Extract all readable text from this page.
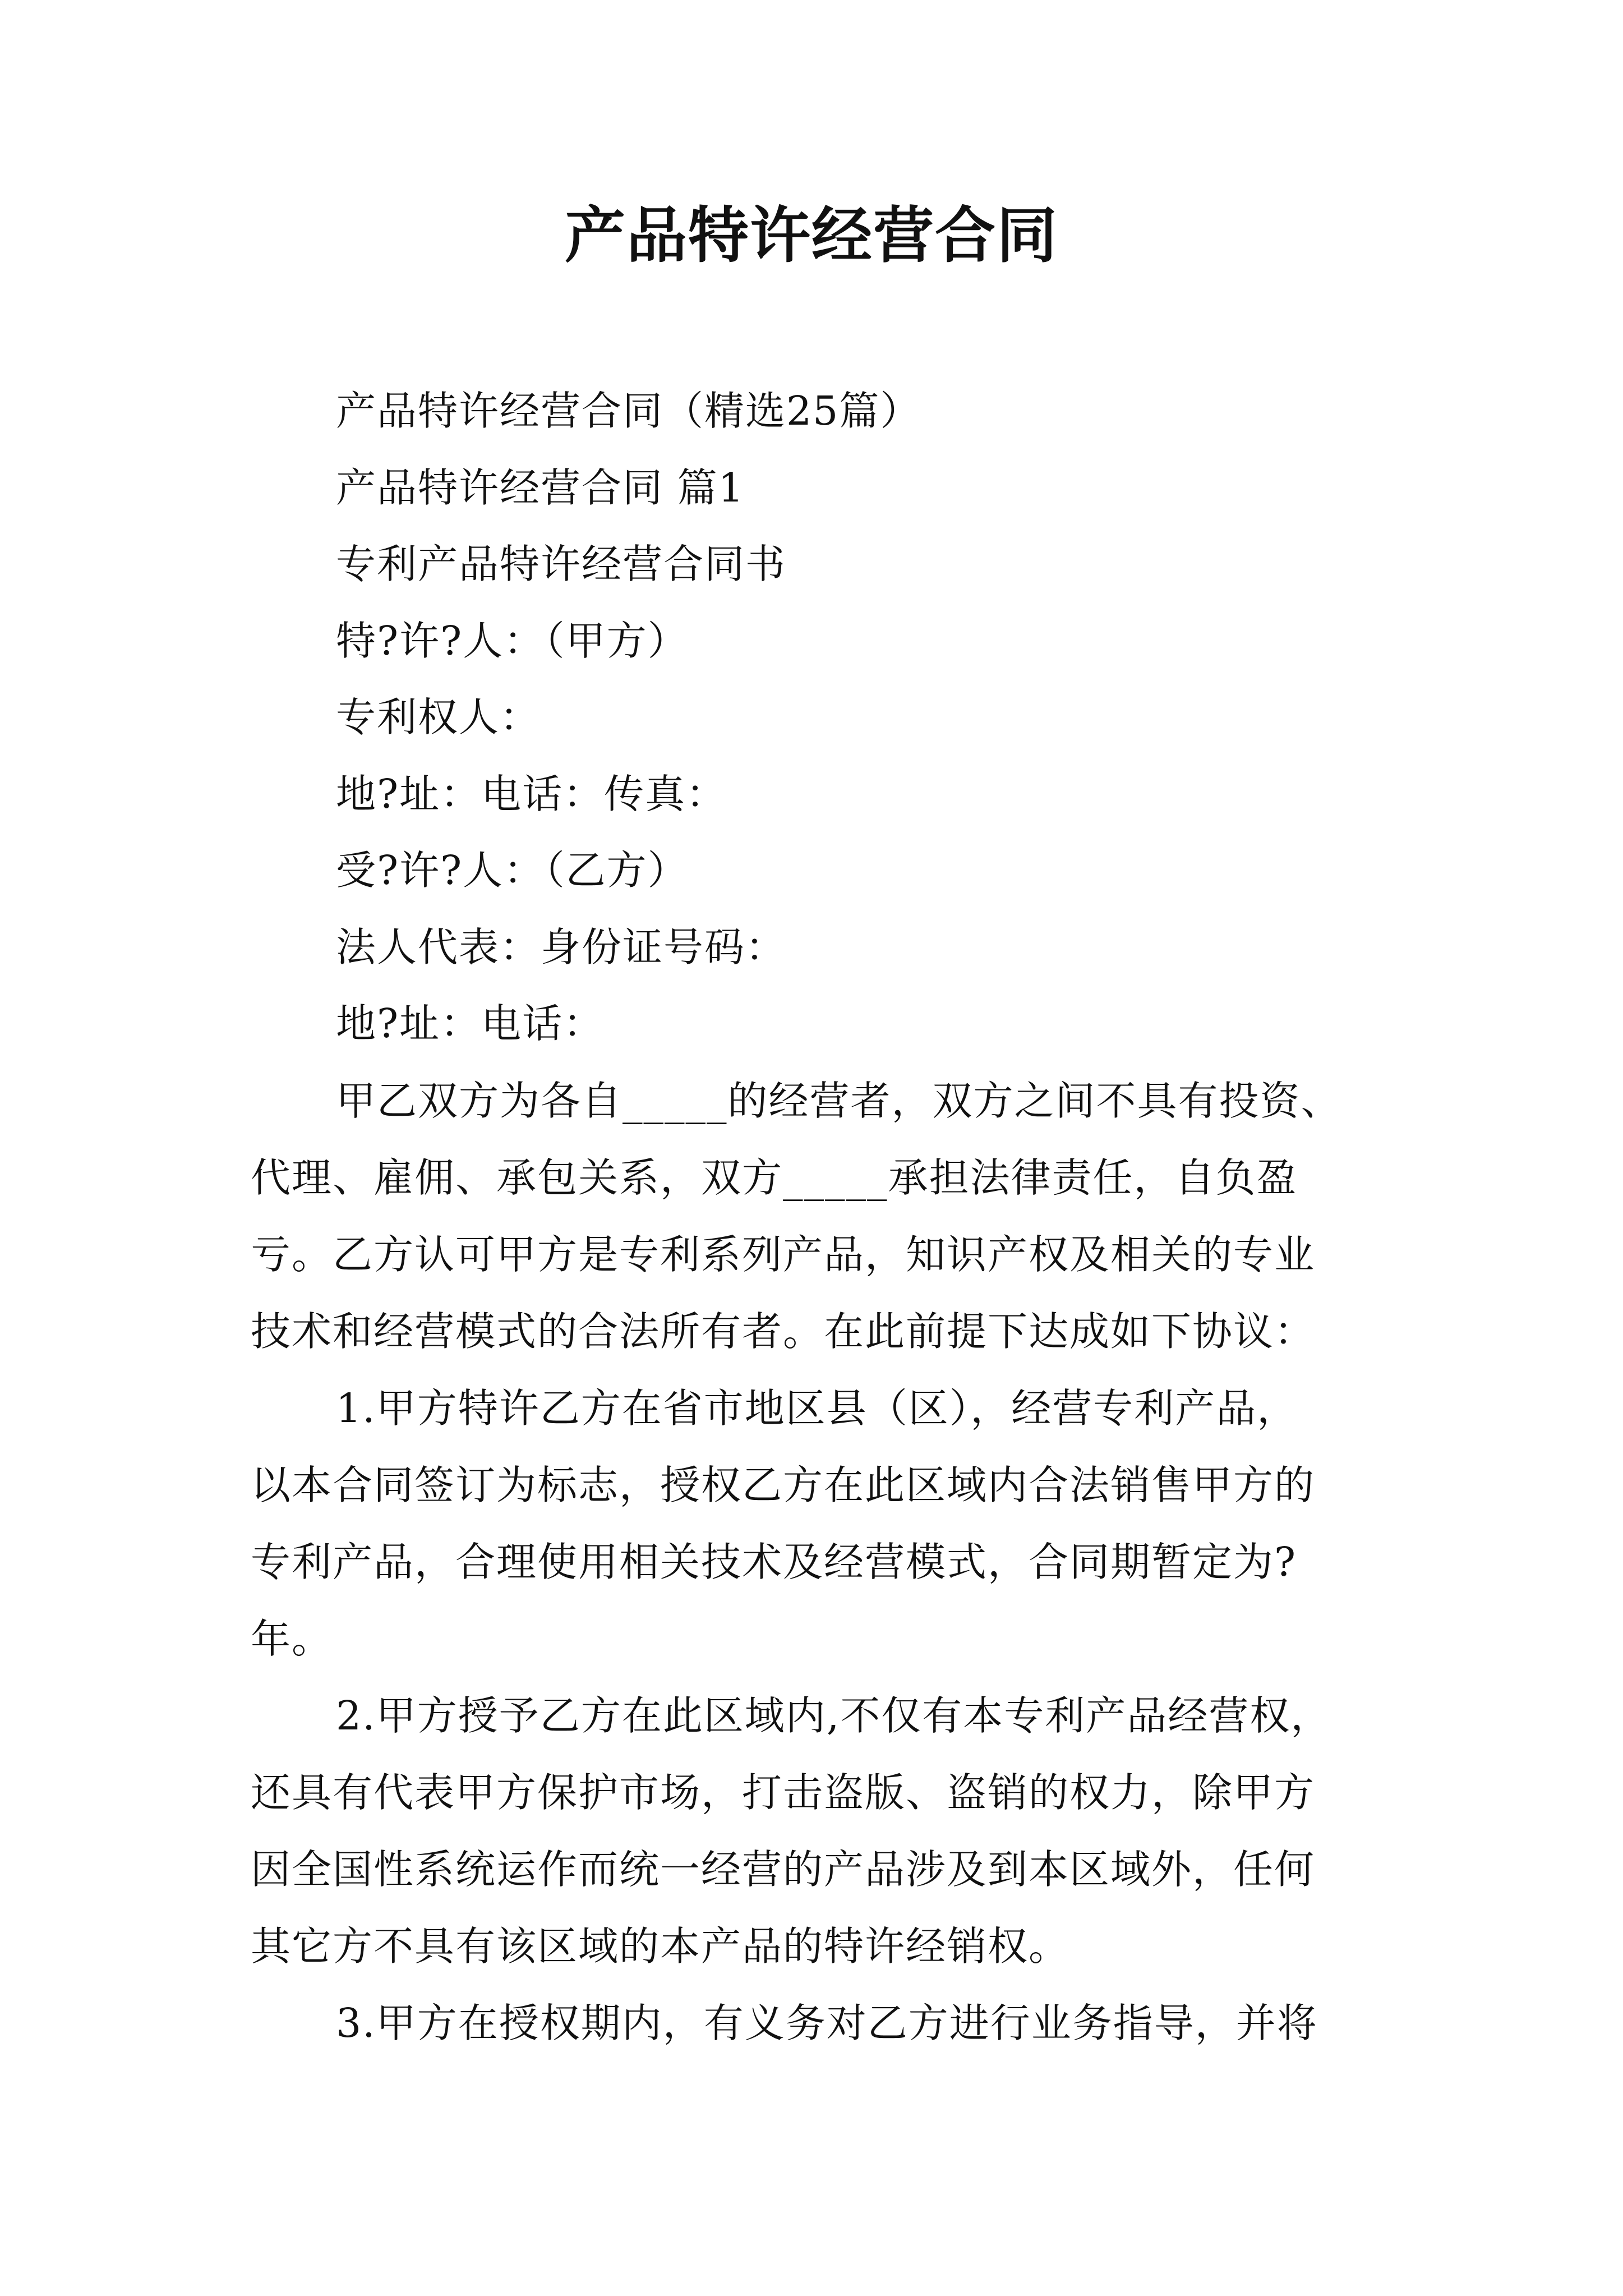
产品特许经营合同
产品特许经营合同（精选25篇）
产品特许经营合同 篇1
专利产品特许经营合同书
特?许?人：（甲方）
专利权人：
地?址：电话：传真：
受?许?人：（乙方）
法人代表：身份证号码：
地?址：电话：
甲乙双方为各自_____的经营者，双方之间不具有投资、
代理、雇佣、承包关系，双方_____承担法律责任，自负盈
亏。乙方认可甲方是专利系列产品，知识产权及相关的专业
技术和经营模式的合法所有者。在此前提下达成如下协议：
1.甲方特许乙方在省市地区县（区），经营专利产品，
以本合同签订为标志，授权乙方在此区域内合法销售甲方的
专利产品，合理使用相关技术及经营模式，合同期暂定为?
年。
2.甲方授予乙方在此区域内,不仅有本专利产品经营权，
还具有代表甲方保护市场，打击盗版、盗销的权力，除甲方
因全国性系统运作而统一经营的产品涉及到本区域外，任何
其它方不具有该区域的本产品的特许经销权。
3.甲方在授权期内，有义务对乙方进行业务指导，并将
